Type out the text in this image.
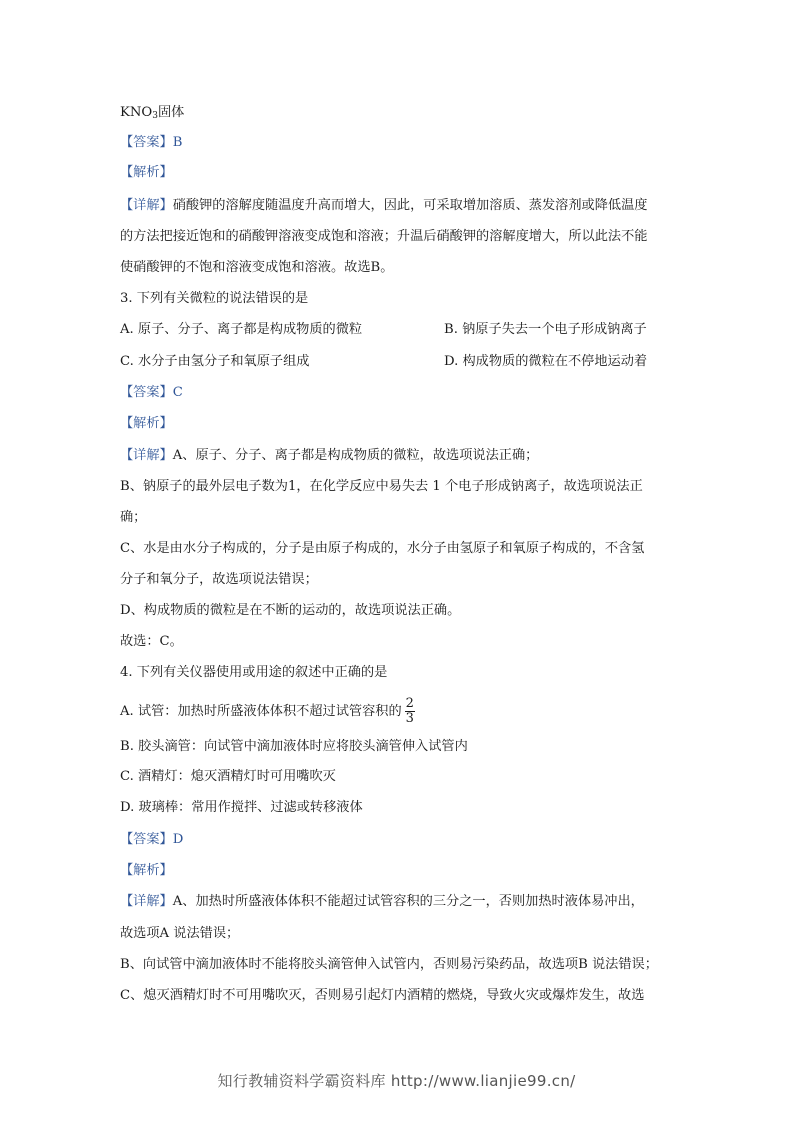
$KNO_3$固体
【答案】B
【解析】
【详解】硝酸钾的溶解度随温度升高而增大，因此，可采取增加溶质、蒸发溶剂或降低温度
的方法把接近饱和的硝酸钾溶液变成饱和溶液；升温后硝酸钾的溶解度增大，所以此法不能
使硝酸钾的不饱和溶液变成饱和溶液。故选B。
3. 下列有关微粒的说法错误的是
A. 原子、分子、离子都是构成物质的微粒	B. 钠原子失去一个电子形成钠离子
C. 水分子由氢分子和氧原子组成	D. 构成物质的微粒在不停地运动着
【答案】C
【解析】
【详解】A、原子、分子、离子都是构成物质的微粒，故选项说法正确；
B、钠原子的最外层电子数为1，在化学反应中易失去 1 个电子形成钠离子，故选项说法正
确；
C、水是由水分子构成的，分子是由原子构成的，水分子由氢原子和氧原子构成的，不含氢
分子和氧分子，故选项说法错误；
D、构成物质的微粒是在不断的运动的，故选项说法正确。
故选：C。
4. 下列有关仪器使用或用途的叙述中正确的是
A. 试管：加热时所盛液体体积不超过试管容积的 $\frac{2}{3}$
B. 胶头滴管：向试管中滴加液体时应将胶头滴管伸入试管内
C. 酒精灯：熄灭酒精灯时可用嘴吹灭
D. 玻璃棒：常用作搅拌、过滤或转移液体
【答案】D
【解析】
【详解】A、加热时所盛液体体积不能超过试管容积的三分之一，否则加热时液体易冲出，
故选项A 说法错误；
B、向试管中滴加液体时不能将胶头滴管伸入试管内，否则易污染药品，故选项B 说法错误；
C、熄灭酒精灯时不可用嘴吹灭，否则易引起灯内酒精的燃烧，导致火灾或爆炸发生，故选
知行教辅资料学霸资料库 http://www.lianjie99.cn/
